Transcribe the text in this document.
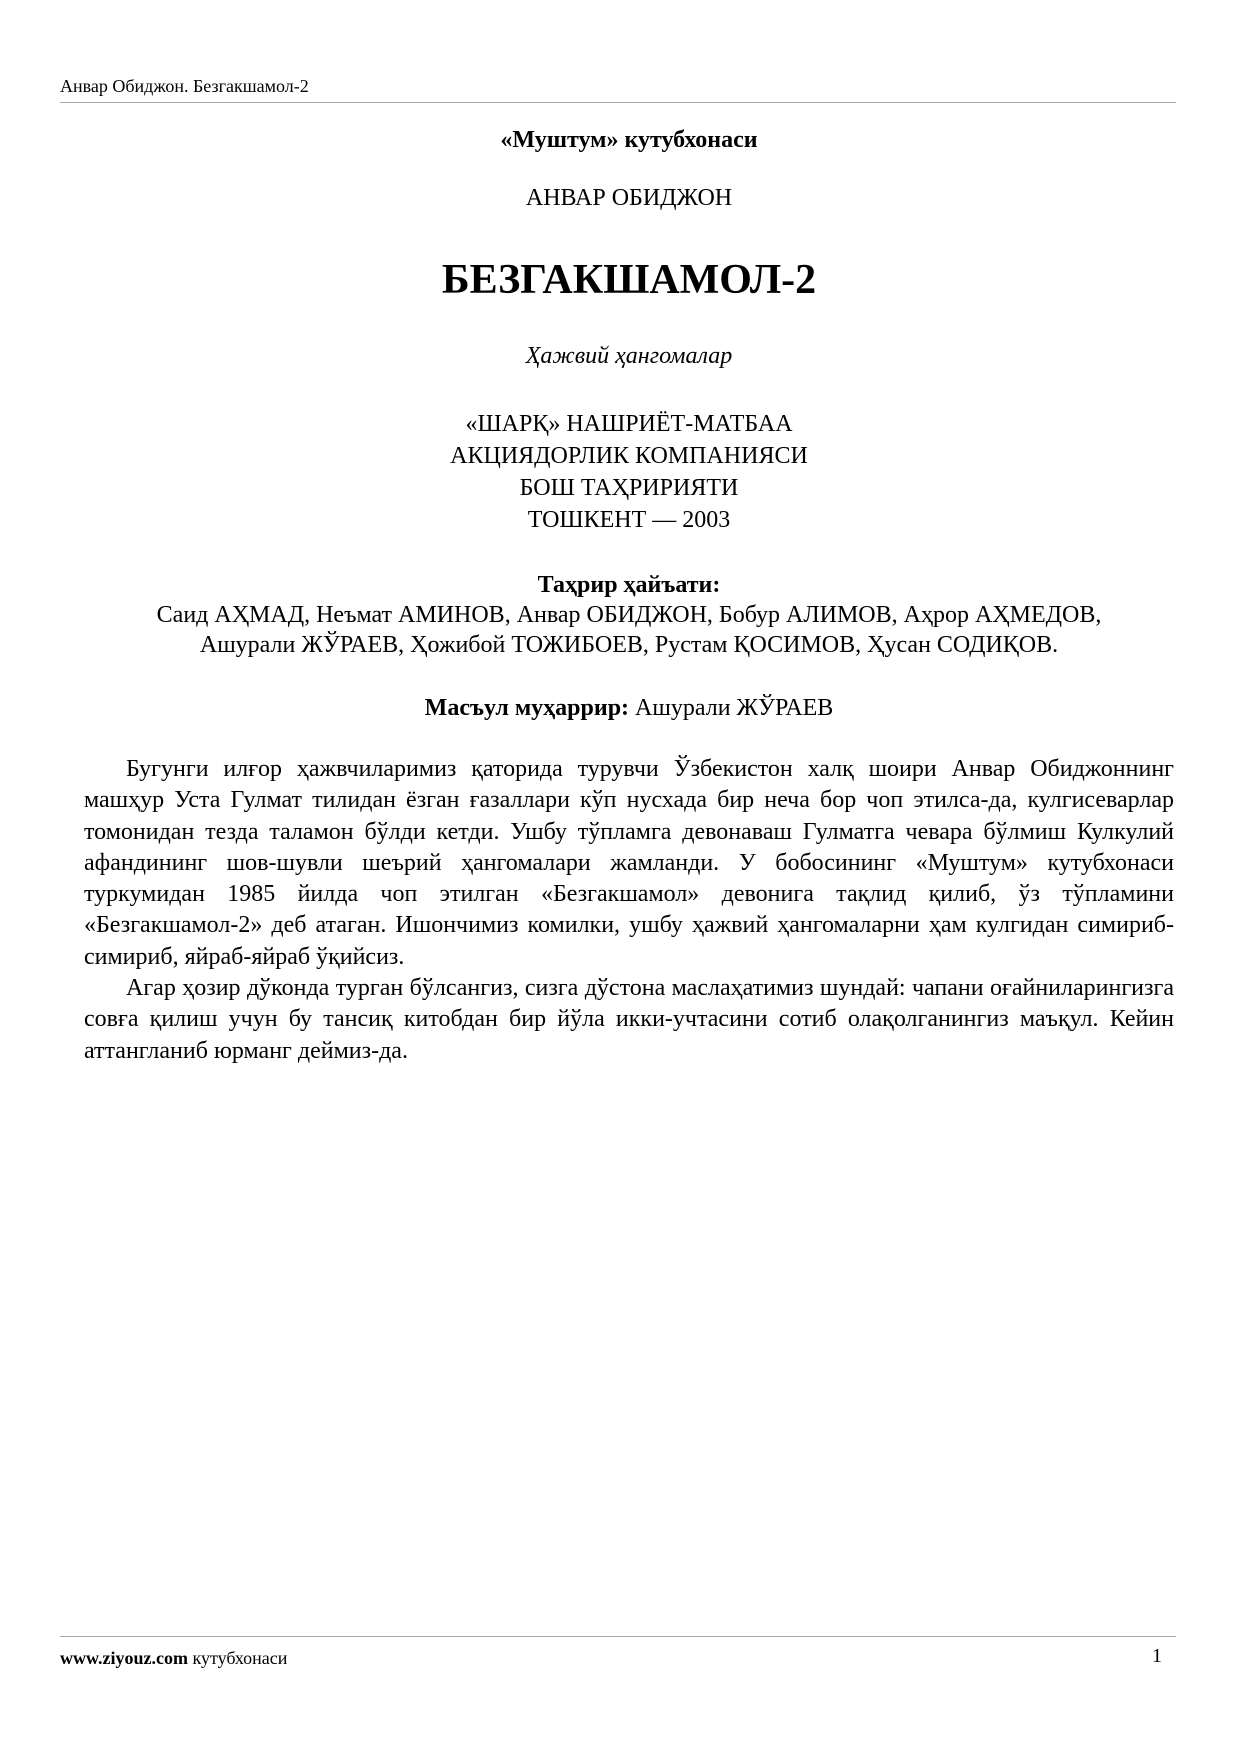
Анвар Обиджон. Безгакшамол-2

«Муштум» кутубхонаси

АНВАР ОБИДЖОН

БЕЗГАКШАМОЛ-2

Ҳажвий ҳангомалар

«ШАРҚ» НАШРИЁТ-МАТБАА
АКЦИЯДОРЛИК КОМПАНИЯСИ
БОШ ТАҲРИРИЯТИ
ТОШКЕНТ — 2003
Таҳрир ҳайъати:
Саид АҲМАД, Неъмат АМИНОВ, Анвар ОБИДЖОН, Бобур АЛИМОВ, Аҳрор АҲМЕДОВ,
Ашурали ЖЎРАЕВ, Ҳожибой ТОЖИБОЕВ, Рустам ҚОСИМОВ, Ҳусан СОДИҚОВ.

Масъул муҳаррир: Ашурали ЖЎРАЕВ

Бугунги илғор ҳажвчиларимиз қаторида турувчи Ўзбекистон халқ шоири Анвар Обиджоннинг машҳур Уста Гулмат тилидан ёзган ғазаллари кўп нусхада бир неча бор чоп этилса-да, кулгисеварлар томонидан тезда таламон бўлди кетди. Ушбу тўпламга девонаваш Гулматга чевара бўлмиш Кулкулий афандининг шов-шувли шеърий ҳангомалари жамланди. У бобосининг «Муштум» кутубхонаси туркумидан 1985 йилда чоп этилган «Безгакшамол» девонига тақлид қилиб, ўз тўпламини «Безгакшамол-2» деб атаган. Ишончимиз комилки, ушбу ҳажвий ҳангомаларни ҳам кулгидан симириб-симириб, яйраб-яйраб ўқийсиз.

Агар ҳозир дўконда турган бўлсангиз, сизга дўстона маслаҳатимиз шундай: чапани оғайниларингизга совға қилиш учун бу тансиқ китобдан бир йўла икки-учтасини сотиб олақолганингиз маъқул. Кейин аттангланиб юрманг деймиз-да.

www.ziyouz.com кутубхонаси	1
